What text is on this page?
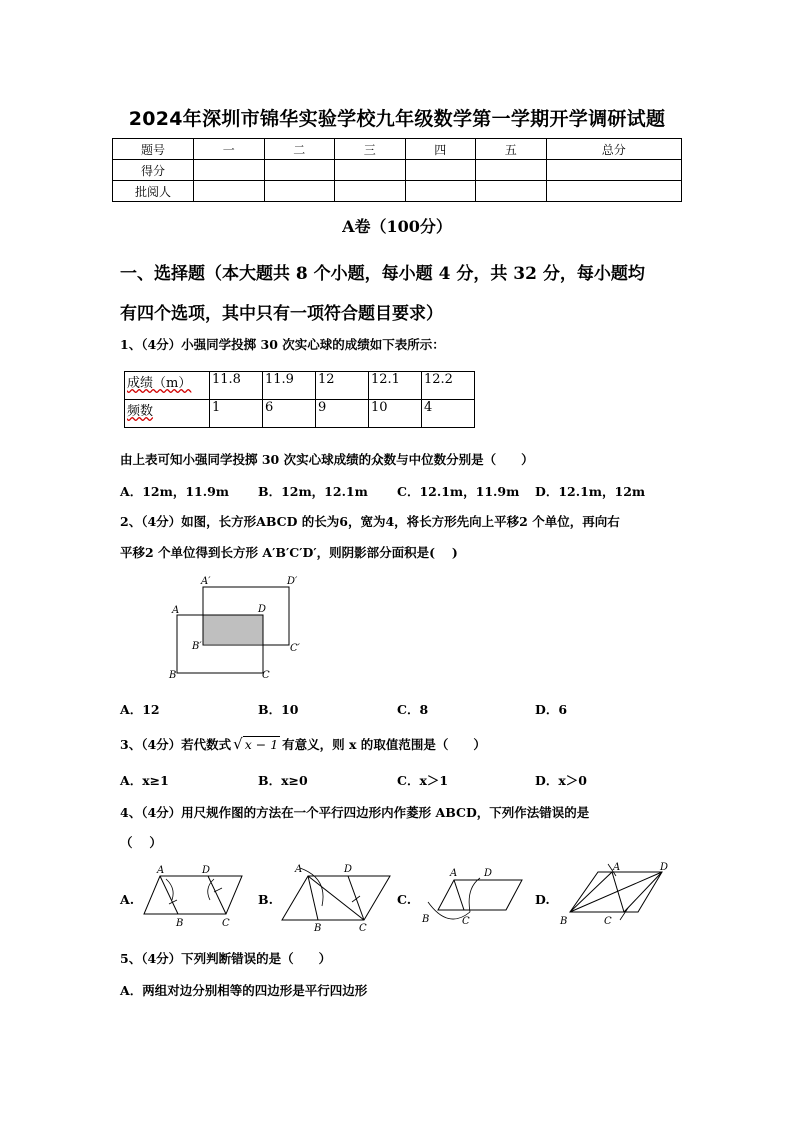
2024年深圳市锦华实验学校九年级数学第一学期开学调研试题
题号	一	二	三	四	五	总分
得分						
批阅人						
A卷（100分）
一、选择题（本大题共 8 个小题，每小题 4 分，共 32 分，每小题均
有四个选项，其中只有一项符合题目要求）
1、（4分）小强同学投掷 30 次实心球的成绩如下表所示：
成绩（m）	11.8	11.9	12	12.1	12.2
频数	1	6	9	10	4
由上表可知小强同学投掷 30 次实心球成绩的众数与中位数分别是（　　）
A．12m，11.9m B．12m，12.1m C．12.1m，11.9m D．12.1m，12m
2、（4分）如图，长方形ABCD 的长为6，宽为4，将长方形先向上平移2 个单位，再向右
平移2 个单位得到长方形 A′B′C′D′，则阴影部分面积是(　 )
A′	D′
A	D
B′	C′
B	C
A．12	B．10	C．8	D．6
3、（4分）若代数式 √ x − 1 有意义，则 x 的取值范围是（　　）
A．x≥1	B．x≥0	C．x＞1	D．x＞0
4、（4分）用尺规作图的方法在一个平行四边形内作菱形 ABCD，下列作法错误的是
（　 ）
A.
A	D
B	C
B.
A	D
B	C
C.
A	D
B	C
D.
A	D
B	C
5、（4分）下列判断错误的是（　　）
A．两组对边分别相等的四边形是平行四边形
